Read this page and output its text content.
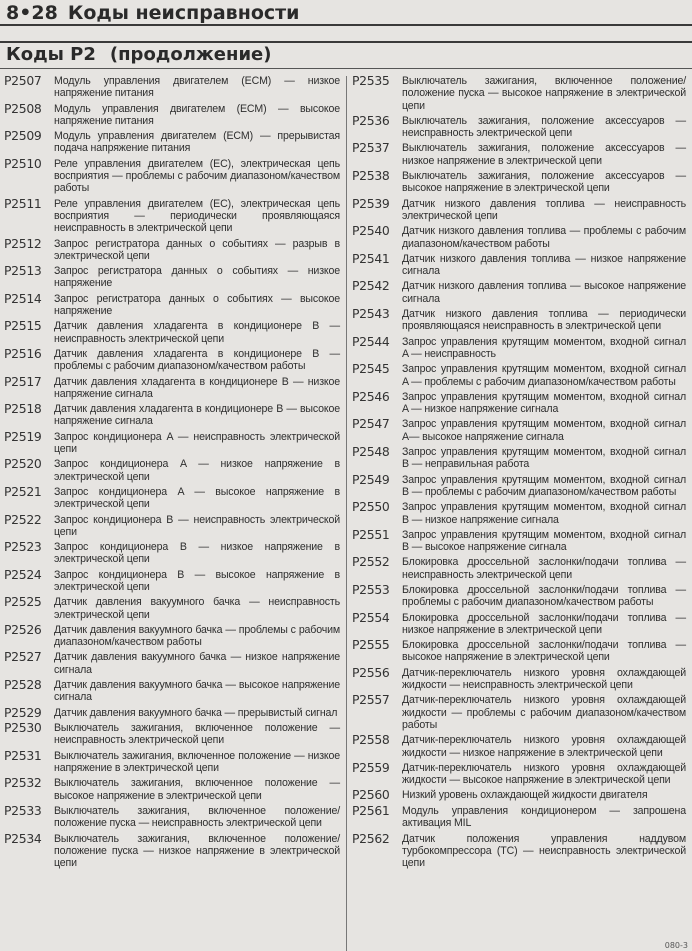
8•28 Коды неисправности
Коды P2 (продолжение)
P2507	Модуль управления двигателем (ECM) — низкое напряжение питания
P2508	Модуль управления двигателем (ECM) — высокое напряжение питания
P2509	Модуль управления двигателем (ECM) — прерывистая подача напряжение питания
P2510	Реле управления двигателем (EC), электрическая цепь восприятия — проблемы с рабочим диапазоном/качеством работы
P2511	Реле управления двигателем (EC), электрическая цепь восприятия — периодически проявляющаяся неисправность в электрической цепи
P2512	Запрос регистратора данных о событиях — разрыв в электрической цепи
P2513	Запрос регистратора данных о событиях — низкое напряжение
P2514	Запрос регистратора данных о событиях — высокое напряжение
P2515	Датчик давления хладагента в кондиционере B — неисправность электрической цепи
P2516	Датчик давления хладагента в кондиционере B — проблемы с рабочим диапазоном/качеством работы
P2517	Датчик давления хладагента в кондиционере B — низкое напряжение сигнала
P2518	Датчик давления хладагента в кондиционере B — высокое напряжение сигнала
P2519	Запрос кондиционера A — неисправность электрической цепи
P2520	Запрос кондиционера A — низкое напряжение в электрической цепи
P2521	Запрос кондиционера A — высокое напряжение в электрической цепи
P2522	Запрос кондиционера B — неисправность электрической цепи
P2523	Запрос кондиционера B — низкое напряжение в электрической цепи
P2524	Запрос кондиционера B — высокое напряжение в электрической цепи
P2525	Датчик давления вакуумного бачка — неисправность электрической цепи
P2526	Датчик давления вакуумного бачка — проблемы с рабочим диапазоном/качеством работы
P2527	Датчик давления вакуумного бачка — низкое напряжение сигнала
P2528	Датчик давления вакуумного бачка — высокое напряжение сигнала
P2529	Датчик давления вакуумного бачка — прерывистый сигнал
P2530	Выключатель зажигания, включенное положение — неисправность электрической цепи
P2531	Выключатель зажигания, включенное положение — низкое напряжение в электрической цепи
P2532	Выключатель зажигания, включенное положение — высокое напряжение в электрической цепи
P2533	Выключатель зажигания, включенное положение/положение пуска — неисправность электрической цепи
P2534	Выключатель зажигания, включенное положение/положение пуска — низкое напряжение в электрической цепи
P2535	Выключатель зажигания, включенное положение/положение пуска — высокое напряжение в электрической цепи
P2536	Выключатель зажигания, положение аксессуаров — неисправность электрической цепи
P2537	Выключатель зажигания, положение аксессуаров — низкое напряжение в электрической цепи
P2538	Выключатель зажигания, положение аксессуаров — высокое напряжение в электрической цепи
P2539	Датчик низкого давления топлива — неисправность электрической цепи
P2540	Датчик низкого давления топлива — проблемы с рабочим диапазоном/качеством работы
P2541	Датчик низкого давления топлива — низкое напряжение сигнала
P2542	Датчик низкого давления топлива — высокое напряжение сигнала
P2543	Датчик низкого давления топлива — периодически проявляющаяся неисправность в электрической цепи
P2544	Запрос управления крутящим моментом, входной сигнал A — неисправность
P2545	Запрос управления крутящим моментом, входной сигнал A — проблемы с рабочим диапазоном/качеством работы
P2546	Запрос управления крутящим моментом, входной сигнал A — низкое напряжение сигнала
P2547	Запрос управления крутящим моментом, входной сигнал A— высокое напряжение сигнала
P2548	Запрос управления крутящим моментом, входной сигнал B — неправильная работа
P2549	Запрос управления крутящим моментом, входной сигнал B — проблемы с рабочим диапазоном/качеством работы
P2550	Запрос управления крутящим моментом, входной сигнал B — низкое напряжение сигнала
P2551	Запрос управления крутящим моментом, входной сигнал B — высокое напряжение сигнала
P2552	Блокировка дроссельной заслонки/подачи топлива — неисправность электрической цепи
P2553	Блокировка дроссельной заслонки/подачи топлива — проблемы с рабочим диапазоном/качеством работы
P2554	Блокировка дроссельной заслонки/подачи топлива — низкое напряжение в электрической цепи
P2555	Блокировка дроссельной заслонки/подачи топлива — высокое напряжение в электрической цепи
P2556	Датчик-переключатель низкого уровня охлаждающей жидкости — неисправность электрической цепи
P2557	Датчик-переключатель низкого уровня охлаждающей жидкости — проблемы с рабочим диапазоном/качеством работы
P2558	Датчик-переключатель низкого уровня охлаждающей жидкости — низкое напряжение в электрической цепи
P2559	Датчик-переключатель низкого уровня охлаждающей жидкости — высокое напряжение в электрической цепи
P2560	Низкий уровень охлаждающей жидкости двигателя
P2561	Модуль управления кондиционером — запрошена активация MIL
P2562	Датчик положения управления наддувом турбокомпрессора (TC) — неисправность электрической цепи
080-3
